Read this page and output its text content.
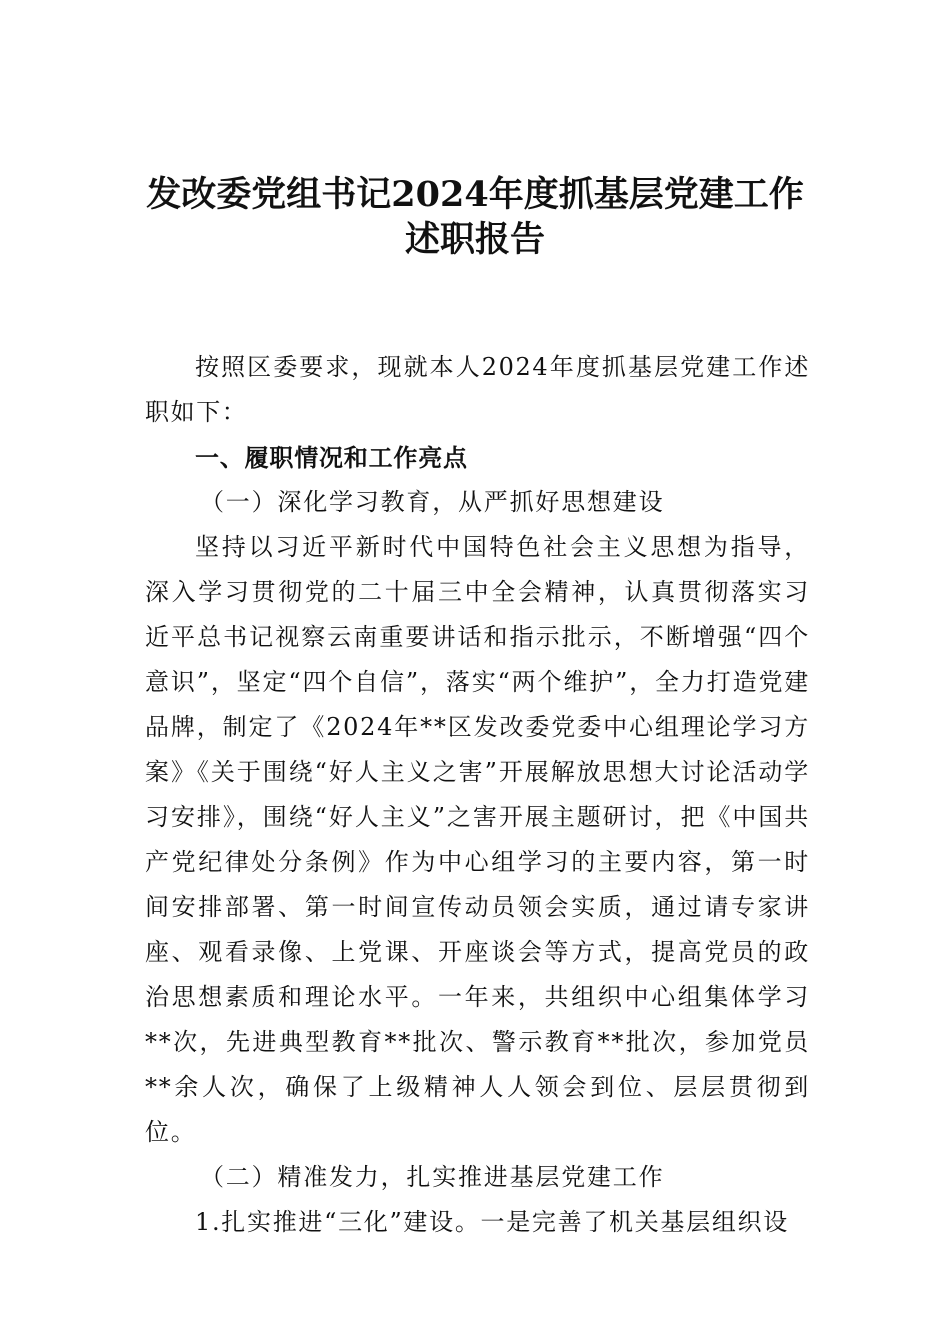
发改委党组书记2024年度抓基层党建工作
述职报告

按照区委要求，现就本人2024年度抓基层党建工作述职如下：

一、履职情况和工作亮点

（一）深化学习教育，从严抓好思想建设

坚持以习近平新时代中国特色社会主义思想为指导，深入学习贯彻党的二十届三中全会精神，认真贯彻落实习近平总书记视察云南重要讲话和指示批示，不断增强“四个意识”，坚定“四个自信”，落实“两个维护”，全力打造党建品牌，制定了《2024年**区发改委党委中心组理论学习方案》《关于围绕“好人主义之害”开展解放思想大讨论活动学习安排》，围绕“好人主义”之害开展主题研讨，把《中国共产党纪律处分条例》作为中心组学习的主要内容，第一时间安排部署、第一时间宣传动员领会实质，通过请专家讲座、观看录像、上党课、开座谈会等方式，提高党员的政治思想素质和理论水平。一年来，共组织中心组集体学习**次，先进典型教育**批次、警示教育**批次，参加党员**余人次，确保了上级精神人人领会到位、层层贯彻到位。

（二）精准发力，扎实推进基层党建工作

1.扎实推进“三化”建设。一是完善了机关基层组织设
